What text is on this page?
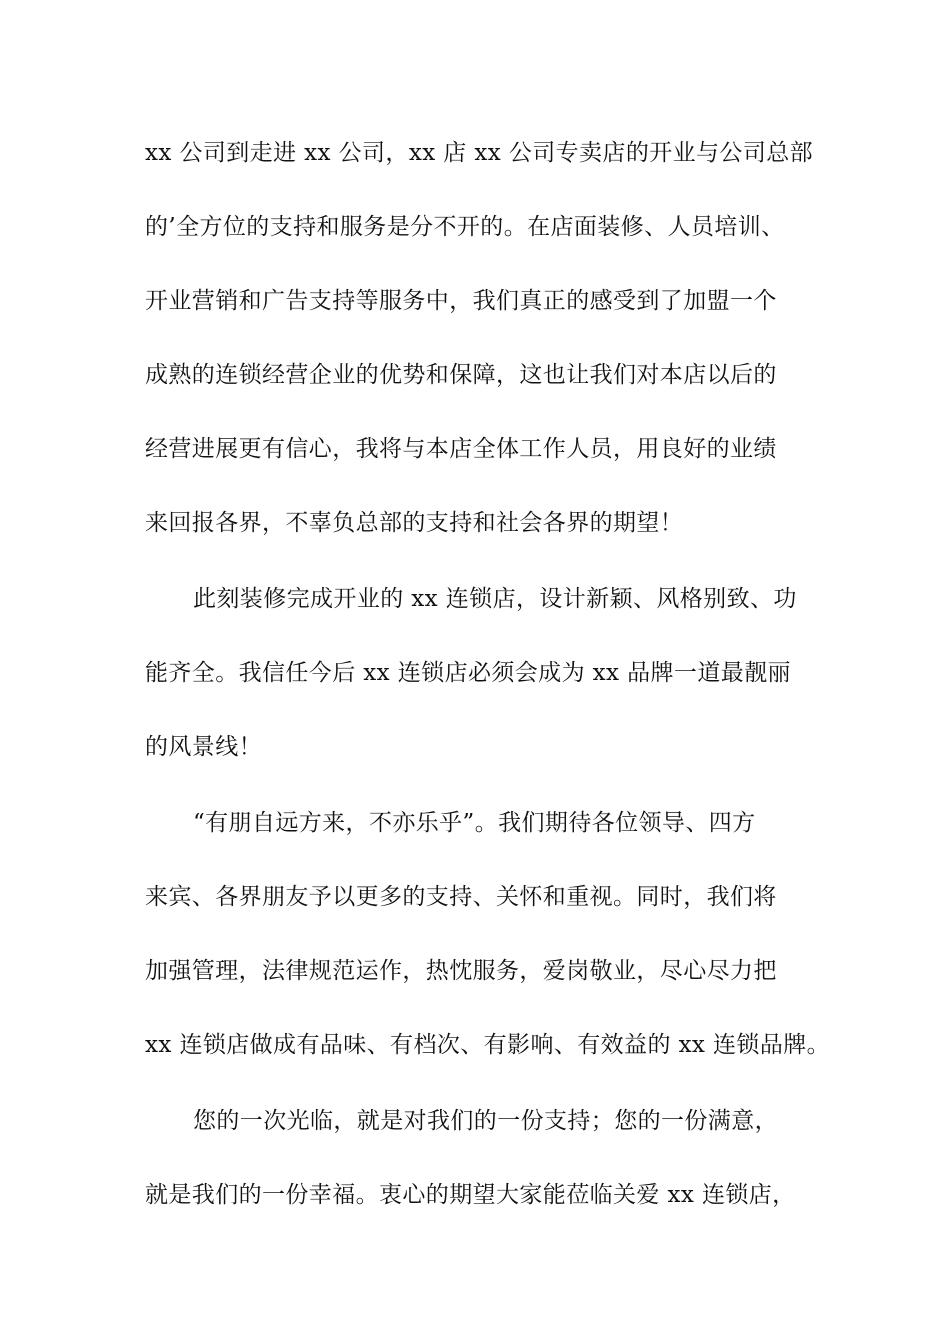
xx 公司到走进 xx 公司，xx 店 xx 公司专卖店的开业与公司总部
的’全方位的支持和服务是分不开的。在店面装修、人员培训、
开业营销和广告支持等服务中，我们真正的感受到了加盟一个
成熟的连锁经营企业的优势和保障，这也让我们对本店以后的
经营进展更有信心，我将与本店全体工作人员，用良好的业绩
来回报各界，不辜负总部的支持和社会各界的期望！
此刻装修完成开业的 xx 连锁店，设计新颖、风格别致、功
能齐全。我信任今后 xx 连锁店必须会成为 xx 品牌一道最靓丽
的风景线！
“有朋自远方来，不亦乐乎”。我们期待各位领导、四方
来宾、各界朋友予以更多的支持、关怀和重视。同时，我们将
加强管理，法律规范运作，热忱服务，爱岗敬业，尽心尽力把
xx 连锁店做成有品味、有档次、有影响、有效益的 xx 连锁品牌。
您的一次光临，就是对我们的一份支持；您的一份满意，
就是我们的一份幸福。衷心的期望大家能莅临关爱 xx 连锁店，
